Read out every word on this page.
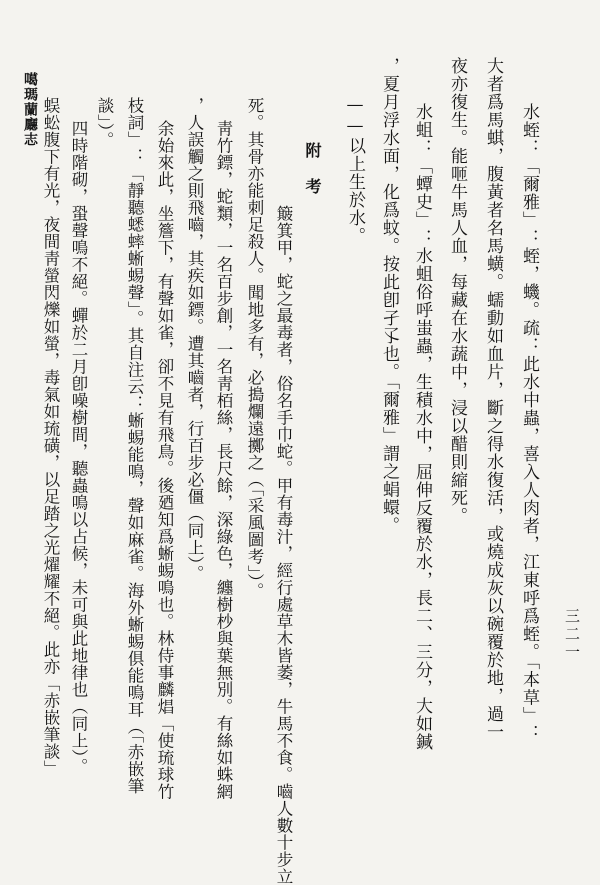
水蛭：「爾雅」：蛭，蟣。疏：此水中蟲，喜入人肉者，江東呼爲蛭。「本草」：
大者爲馬蜞，腹黃者名馬蟥。蠕動如血片，斷之得水復活，或燒成灰以碗覆於地，過一
夜亦復生。能咂牛馬人血，每藏在水蔬中，浸以醋則縮死。
水蛆：「蟫史」：水蛆俗呼蚩蟲，生積水中，屈伸反覆於水，長二、三分，大如鍼
，夏月浮水面，化爲蚊。按此卽孑孓也。「爾雅」謂之蜎蠉。
——以上生於水。
附考
簸箕甲，蛇之最毒者，俗名手巾蛇。甲有毒汁，經行處草木皆萎，牛馬不食。嚙人數十步立
死。其骨亦能刺足殺人。聞地多有，必搗爛遠擲之（「采風圖考」）。
靑竹鏢，蛇類，一名百步創，一名靑栢絲，長尺餘，深綠色，纏樹杪與葉無別。有絲如蛛網
，人誤觸之則飛嚙，其疾如鏢。遭其嚙者，行百步必僵（同上）。
余始來此，坐簷下，有聲如雀，卻不見有飛鳥。後廼知爲蜥蜴鳴也。林侍事麟焻「使琉球竹
枝詞」：「靜聽蟋蟀蜥蜴聲」。其自注云：蜥蜴能鳴，聲如麻雀。海外蜥蜴俱能鳴耳（「赤嵌筆
談」）。
四時階砌，蛩聲鳴不絕。蟬於二月卽噪樹間，聽蟲鳴以占候，未可與此地律也（同上）。
蜈蚣腹下有光，夜間靑螢閃爍如螢，毒氣如琉磺，以足踏之光燿耀不絕。此亦「赤嵌筆談」
噶瑪蘭廳志
三二一
